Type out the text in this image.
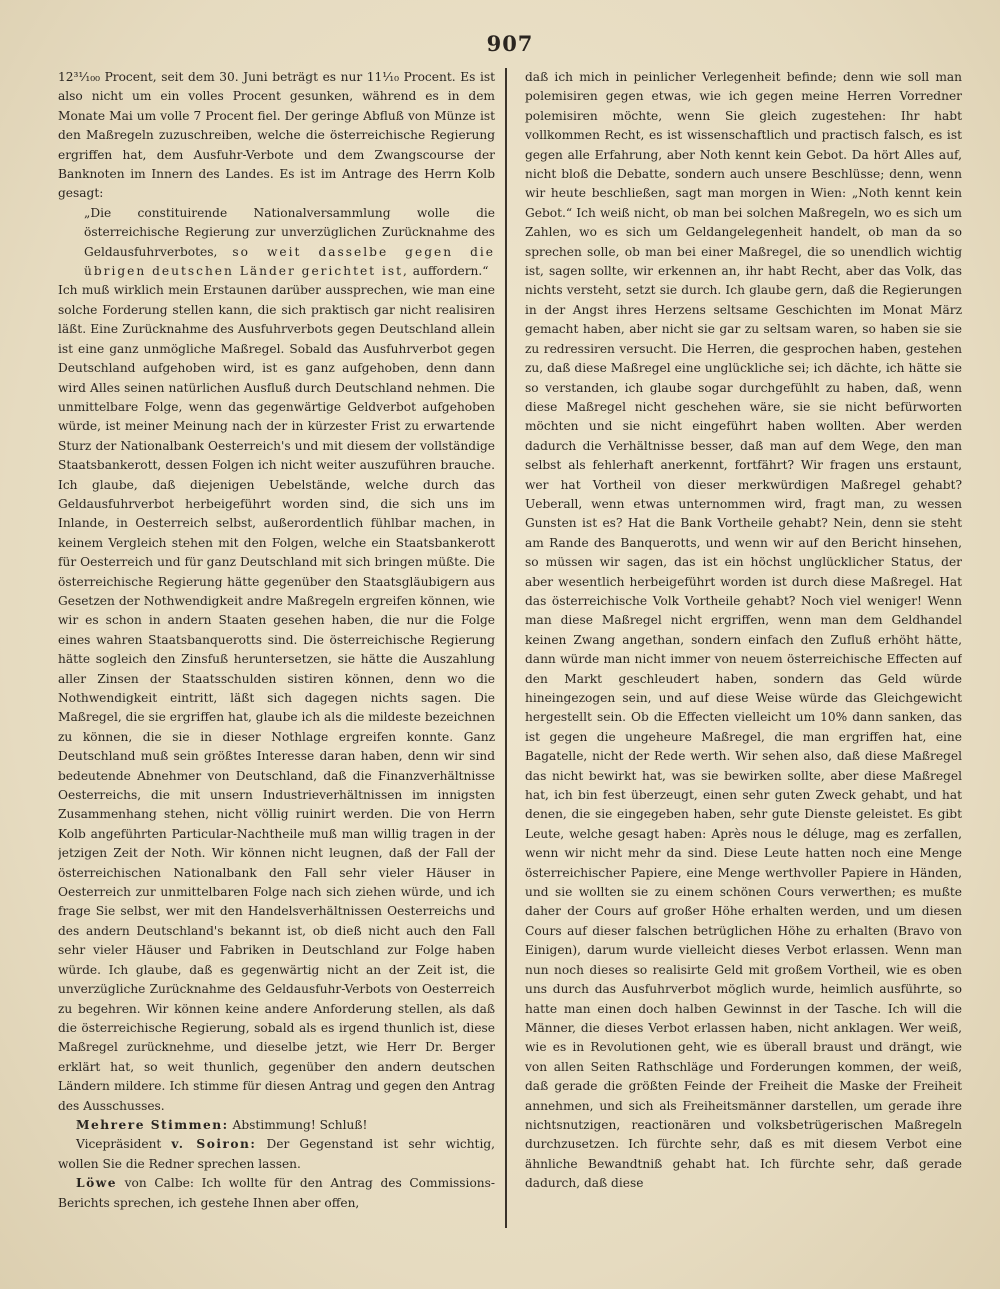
907

12³¹⁄₁₀₀ Procent, seit dem 30. Juni beträgt es nur 11¹⁄₁₀ Procent. Es ist also nicht um ein volles Procent gesunken, während es in dem Monate Mai um volle 7 Procent fiel. Der geringe Abfluß von Münze ist den Maßregeln zuzuschreiben, welche die österreichische Regierung ergriffen hat, dem Ausfuhr-Verbote und dem Zwangscourse der Banknoten im Innern des Landes. Es ist im Antrage des Herrn Kolb gesagt:

„Die constituirende Nationalversammlung wolle die österreichische Regierung zur unverzüglichen Zurücknahme des Geldausfuhrverbotes, so weit dasselbe gegen die übrigen deutschen Länder gerichtet ist, auffordern.“

Ich muß wirklich mein Erstaunen darüber aussprechen, wie man eine solche Forderung stellen kann, die sich praktisch gar nicht realisiren läßt. Eine Zurücknahme des Ausfuhrverbots gegen Deutschland allein ist eine ganz unmögliche Maßregel. Sobald das Ausfuhrverbot gegen Deutschland aufgehoben wird, ist es ganz aufgehoben, denn dann wird Alles seinen natürlichen Ausfluß durch Deutschland nehmen. Die unmittelbare Folge, wenn das gegenwärtige Geldverbot aufgehoben würde, ist meiner Meinung nach der in kürzester Frist zu erwartende Sturz der Nationalbank Oesterreich's und mit diesem der vollständige Staatsbankerott, dessen Folgen ich nicht weiter auszuführen brauche. Ich glaube, daß diejenigen Uebelstände, welche durch das Geldausfuhrverbot herbeigeführt worden sind, die sich uns im Inlande, in Oesterreich selbst, außerordentlich fühlbar machen, in keinem Vergleich stehen mit den Folgen, welche ein Staatsbankerott für Oesterreich und für ganz Deutschland mit sich bringen müßte. Die österreichische Regierung hätte gegenüber den Staatsgläubigern aus Gesetzen der Nothwendigkeit andre Maßregeln ergreifen können, wie wir es schon in andern Staaten gesehen haben, die nur die Folge eines wahren Staatsbanquerotts sind. Die österreichische Regierung hätte sogleich den Zinsfuß heruntersetzen, sie hätte die Auszahlung aller Zinsen der Staatsschulden sistiren können, denn wo die Nothwendigkeit eintritt, läßt sich dagegen nichts sagen. Die Maßregel, die sie ergriffen hat, glaube ich als die mildeste bezeichnen zu können, die sie in dieser Nothlage ergreifen konnte. Ganz Deutschland muß sein größtes Interesse daran haben, denn wir sind bedeutende Abnehmer von Deutschland, daß die Finanzverhältnisse Oesterreichs, die mit unsern Industrieverhältnissen im innigsten Zusammenhang stehen, nicht völlig ruinirt werden. Die von Herrn Kolb angeführten Particular-Nachtheile muß man willig tragen in der jetzigen Zeit der Noth. Wir können nicht leugnen, daß der Fall der österreichischen Nationalbank den Fall sehr vieler Häuser in Oesterreich zur unmittelbaren Folge nach sich ziehen würde, und ich frage Sie selbst, wer mit den Handelsverhältnissen Oesterreichs und des andern Deutschland's bekannt ist, ob dieß nicht auch den Fall sehr vieler Häuser und Fabriken in Deutschland zur Folge haben würde. Ich glaube, daß es gegenwärtig nicht an der Zeit ist, die unverzügliche Zurücknahme des Geldausfuhr-Verbots von Oesterreich zu begehren. Wir können keine andere Anforderung stellen, als daß die österreichische Regierung, sobald als es irgend thunlich ist, diese Maßregel zurücknehme, und dieselbe jetzt, wie Herr Dr. Berger erklärt hat, so weit thunlich, gegenüber den andern deutschen Ländern mildere. Ich stimme für diesen Antrag und gegen den Antrag des Ausschusses.

Mehrere Stimmen: Abstimmung! Schluß!

Vicepräsident v. Soiron: Der Gegenstand ist sehr wichtig, wollen Sie die Redner sprechen lassen.

Löwe von Calbe: Ich wollte für den Antrag des Commissions-Berichts sprechen, ich gestehe Ihnen aber offen,

daß ich mich in peinlicher Verlegenheit befinde; denn wie soll man polemisiren gegen etwas, wie ich gegen meine Herren Vorredner polemisiren möchte, wenn Sie gleich zugestehen: Ihr habt vollkommen Recht, es ist wissenschaftlich und practisch falsch, es ist gegen alle Erfahrung, aber Noth kennt kein Gebot. Da hört Alles auf, nicht bloß die Debatte, sondern auch unsere Beschlüsse; denn, wenn wir heute beschließen, sagt man morgen in Wien: „Noth kennt kein Gebot.“ Ich weiß nicht, ob man bei solchen Maßregeln, wo es sich um Zahlen, wo es sich um Geldangelegenheit handelt, ob man da so sprechen solle, ob man bei einer Maßregel, die so unendlich wichtig ist, sagen sollte, wir erkennen an, ihr habt Recht, aber das Volk, das nichts versteht, setzt sie durch. Ich glaube gern, daß die Regierungen in der Angst ihres Herzens seltsame Geschichten im Monat März gemacht haben, aber nicht sie gar zu seltsam waren, so haben sie sie zu redressiren versucht. Die Herren, die gesprochen haben, gestehen zu, daß diese Maßregel eine unglückliche sei; ich dächte, ich hätte sie so verstanden, ich glaube sogar durchgefühlt zu haben, daß, wenn diese Maßregel nicht geschehen wäre, sie sie nicht befürworten möchten und sie nicht eingeführt haben wollten. Aber werden dadurch die Verhältnisse besser, daß man auf dem Wege, den man selbst als fehlerhaft anerkennt, fortfährt? Wir fragen uns erstaunt, wer hat Vortheil von dieser merkwürdigen Maßregel gehabt? Ueberall, wenn etwas unternommen wird, fragt man, zu wessen Gunsten ist es? Hat die Bank Vortheile gehabt? Nein, denn sie steht am Rande des Banquerotts, und wenn wir auf den Bericht hinsehen, so müssen wir sagen, das ist ein höchst unglücklicher Status, der aber wesentlich herbeigeführt worden ist durch diese Maßregel. Hat das österreichische Volk Vortheile gehabt? Noch viel weniger! Wenn man diese Maßregel nicht ergriffen, wenn man dem Geldhandel keinen Zwang angethan, sondern einfach den Zufluß erhöht hätte, dann würde man nicht immer von neuem österreichische Effecten auf den Markt geschleudert haben, sondern das Geld würde hineingezogen sein, und auf diese Weise würde das Gleichgewicht hergestellt sein. Ob die Effecten vielleicht um 10% dann sanken, das ist gegen die ungeheure Maßregel, die man ergriffen hat, eine Bagatelle, nicht der Rede werth. Wir sehen also, daß diese Maßregel das nicht bewirkt hat, was sie bewirken sollte, aber diese Maßregel hat, ich bin fest überzeugt, einen sehr guten Zweck gehabt, und hat denen, die sie eingegeben haben, sehr gute Dienste geleistet. Es gibt Leute, welche gesagt haben: Après nous le déluge, mag es zerfallen, wenn wir nicht mehr da sind. Diese Leute hatten noch eine Menge österreichischer Papiere, eine Menge werthvoller Papiere in Händen, und sie wollten sie zu einem schönen Cours verwerthen; es mußte daher der Cours auf großer Höhe erhalten werden, und um diesen Cours auf dieser falschen betrüglichen Höhe zu erhalten (Bravo von Einigen), darum wurde vielleicht dieses Verbot erlassen. Wenn man nun noch dieses so realisirte Geld mit großem Vortheil, wie es oben uns durch das Ausfuhrverbot möglich wurde, heimlich ausführte, so hatte man einen doch halben Gewinnst in der Tasche. Ich will die Männer, die dieses Verbot erlassen haben, nicht anklagen. Wer weiß, wie es in Revolutionen geht, wie es überall braust und drängt, wie von allen Seiten Rathschläge und Forderungen kommen, der weiß, daß gerade die größten Feinde der Freiheit die Maske der Freiheit annehmen, und sich als Freiheitsmänner darstellen, um gerade ihre nichtsnutzigen, reactionären und volksbetrügerischen Maßregeln durchzusetzen. Ich fürchte sehr, daß es mit diesem Verbot eine ähnliche Bewandtniß gehabt hat. Ich fürchte sehr, daß gerade dadurch, daß diese
